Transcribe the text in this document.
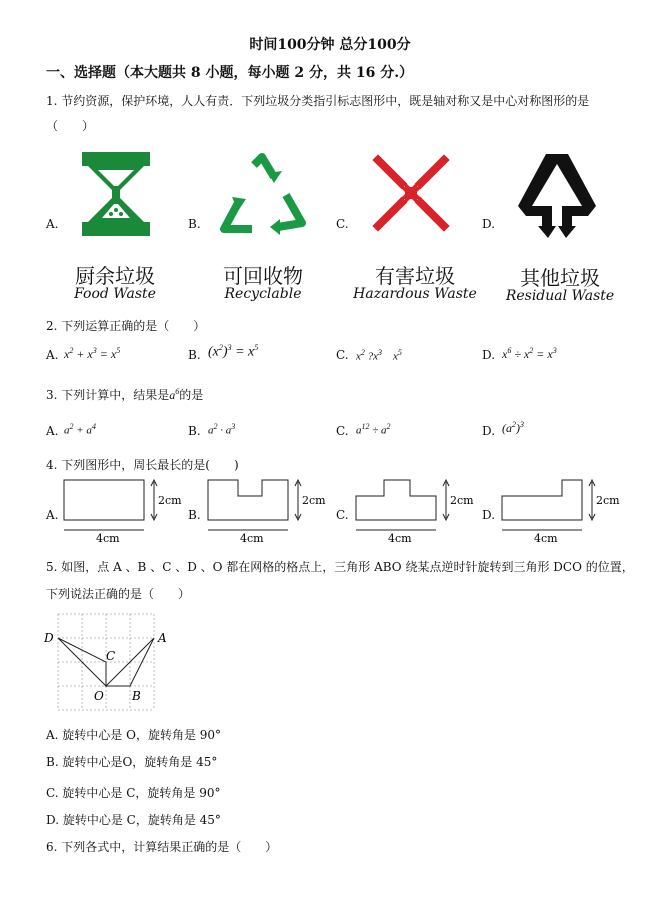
时间100分钟 总分100分
一、选择题（本大题共 8 小题，每小题 2 分，共 16 分.）
1. 节约资源，保护环境，人人有责．下列垃圾分类指引标志图形中，既是轴对称又是中心对称图形的是
（　　）
A.	B.	C.	D.
厨余垃圾
Food Waste
可回收物
Recyclable
有害垃圾
Hazardous Waste
其他垃圾
Residual Waste
2. 下列运算正确的是（　　）
A. $x^2 + x^3 = x^5$	B. $(x^2)^3 = x^5$
C. $x^2$ $?x^3$    $x^5$	D. $x^6 \div x^2 = x^3$
3. 下列计算中，结果是$a^6$的是
A. $a^2 + a^4$	B. $a^2 \cdot a^3$	C. $a^{12} \div a^2$	D. $(a^2)^3$
4. 下列图形中，周长最长的是(　　)
A.
2cm
4cm
B.
2cm
4cm
C.
2cm
4cm
D.
2cm
4cm
5. 如图，点 A 、B 、C 、D 、O 都在网格的格点上，三角形 ABO 绕某点逆时针旋转到三角形 DCO 的位置，
下列说法正确的是（　　）
D	A
C
O B
A. 旋转中心是 O，旋转角是 90°
B. 旋转中心是O，旋转角是 45°
C. 旋转中心是 C，旋转角是 90°
D. 旋转中心是 C，旋转角是 45°
6. 下列各式中，计算结果正确的是（　　）
